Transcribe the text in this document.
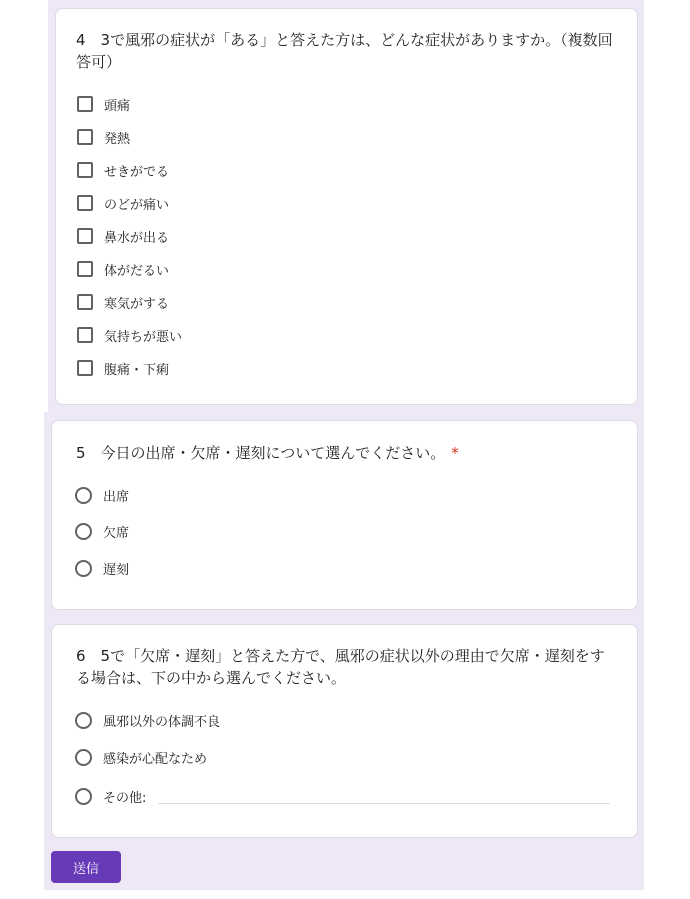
4　3で風邪の症状が「ある」と答えた方は、どんな症状がありますか。（複数回答可）
頭痛
発熱
せきがでる
のどが痛い
鼻水が出る
体がだるい
寒気がする
気持ちが悪い
腹痛・下痢
5　今日の出席・欠席・遅刻について選んでください。 *
出席
欠席
遅刻
6　5で「欠席・遅刻」と答えた方で、風邪の症状以外の理由で欠席・遅刻をする場合は、下の中から選んでください。
風邪以外の体調不良
感染が心配なため
その他:
送信
